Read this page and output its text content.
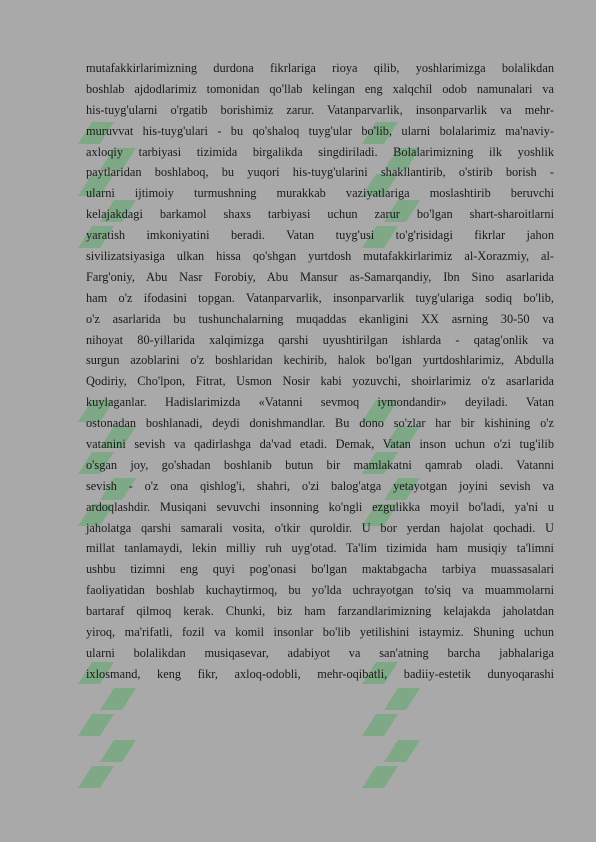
mutafakkirlarimizning durdona fikrlariga rioya qilib, yoshlarimizga bolalikdan
boshlab ajdodlarimiz tomonidan qo'llab kelingan eng xalqchil odob namunalari va
his-tuyg'ularni o'rgatib borishimiz zarur. Vatanparvarlik, insonparvarlik va mehr-
muruvvat his-tuyg'ulari - bu qo'shaloq tuyg'ular bo'lib, ularni bolalarimiz ma'naviy-
axloqiy tarbiyasi tizimida birgalikda singdiriladi. Bolalarimizning ilk yoshlik
paytlaridan boshlaboq, bu yuqori his-tuyg'ularini shakllantirib, o'stirib borish -
ularni ijtimoiy turmushning murakkab vaziyatlariga moslashtirib beruvchi
kelajakdagi barkamol shaxs tarbiyasi uchun zarur bo'lgan shart-sharoitlarni
yaratish imkoniyatini beradi. Vatan tuyg'usi to'g'risidagi fikrlar jahon
sivilizatsiyasiga ulkan hissa qo'shgan yurtdosh mutafakkirlarimiz al-Xorazmiy, al-
Farg'oniy, Abu Nasr Forobiy, Abu Mansur as-Samarqandiy, Ibn Sino asarlarida
ham o'z ifodasini topgan. Vatanparvarlik, insonparvarlik tuyg'ulariga sodiq bo'lib,
o'z asarlarida bu tushunchalarning muqaddas ekanligini XX asrning 30-50 va
nihoyat 80-yillarida xalqimizga qarshi uyushtirilgan ishlarda - qatag'onlik va
surgun azoblarini o'z boshlaridan kechirib, halok bo'lgan yurtdoshlarimiz, Abdulla
Qodiriy, Cho'lpon, Fitrat, Usmon Nosir kabi yozuvchi, shoirlarimiz o'z asarlarida
kuylaganlar. Hadislarimizda «Vatanni sevmoq iymondandir» deyiladi. Vatan
ostonadan boshlanadi, deydi donishmandlar. Bu dono so'zlar har bir kishining o'z
vatanini sevish va qadirlashga da'vad etadi. Demak, Vatan inson uchun o'zi tug'ilib
o'sgan joy, go'shadan boshlanib butun bir mamlakatni qamrab oladi. Vatanni
sevish - o'z ona qishlog'i, shahri, o'zi balog'atga yetayotgan joyini sevish va
ardoqlashdir. Musiqani sevuvchi insonning ko'ngli ezgulikka moyil bo'ladi, ya'ni u
jaholatga qarshi samarali vosita, o'tkir quroldir. U bor yerdan hajolat qochadi. U
millat tanlamaydi, lekin milliy ruh uyg'otad. Ta'lim tizimida ham musiqiy ta'limni
ushbu tizimni eng quyi pog'onasi bo'lgan maktabgacha tarbiya muassasalari
faoliyatidan boshlab kuchaytirmoq, bu yo'lda uchrayotgan to'siq va muammolarni
bartaraf qilmoq kerak. Chunki, biz ham farzandlarimizning kelajakda jaholatdan
yiroq, ma'rifatli, fozil va komil insonlar bo'lib yetilishini istaymiz. Shuning uchun
ularni bolalikdan musiqasevar, adabiyot va san'atning barcha jabhalariga
ixlosmand, keng fikr, axloq-odobli, mehr-oqibatli, badiiy-estetik dunyoqarashi
